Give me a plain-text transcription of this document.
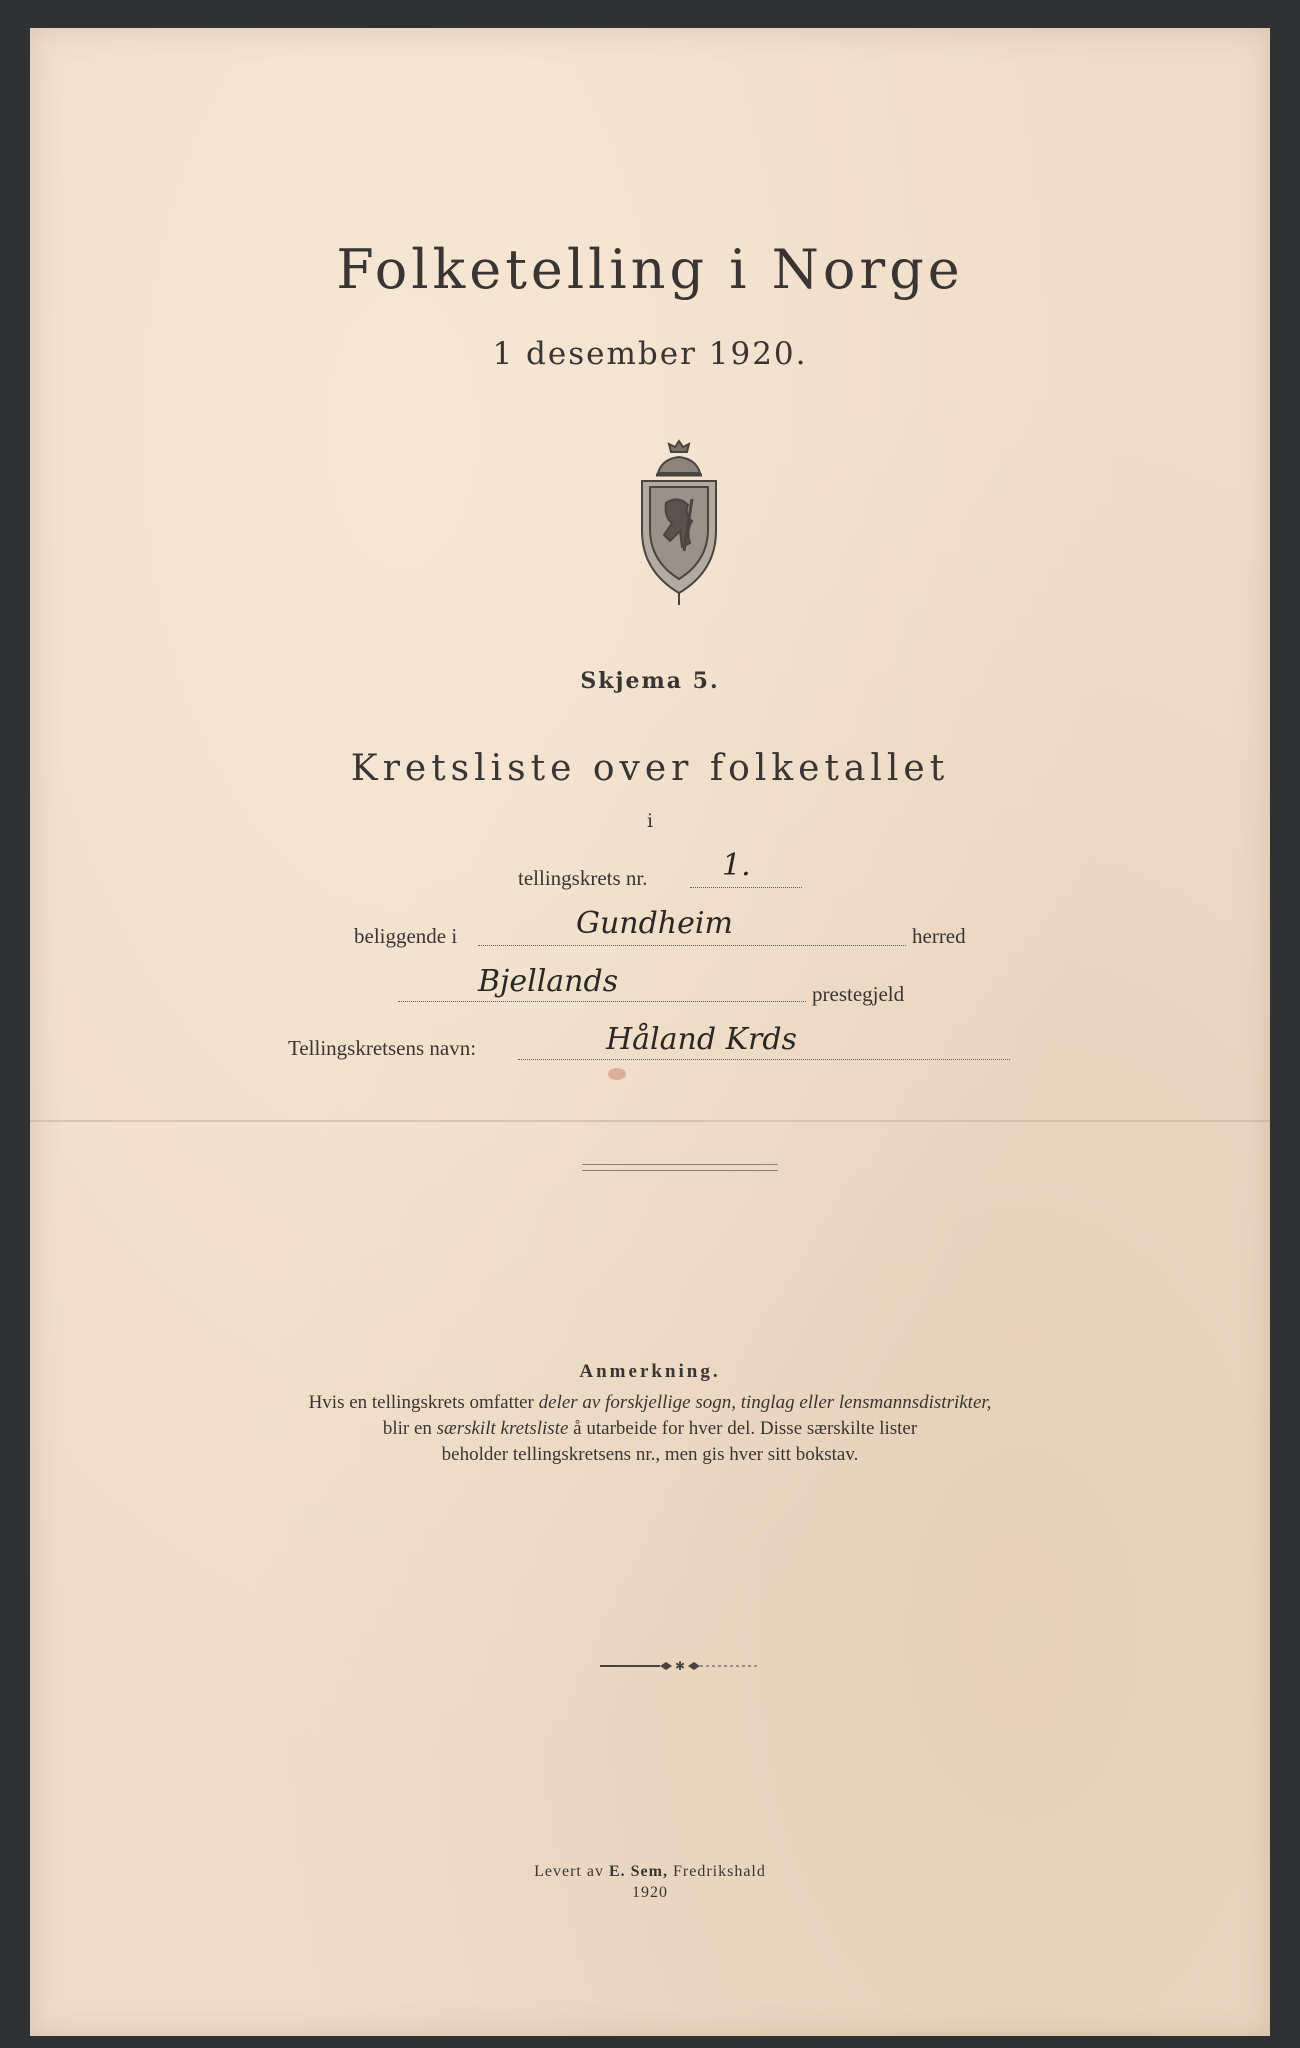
Folketelling i Norge
1 desember 1920.
Skjema 5.
Kretsliste over folketallet
i
tellingskrets nr. 1.
beliggende i	Gundheim	herred
Bjellands	prestegjeld
Tellingskretsens navn:	Håland Krds
Anmerkning.
Hvis en tellingskrets omfatter deler av forskjellige sogn, tinglag eller lensmannsdistrikter,
blir en særskilt kretsliste å utarbeide for hver del. Disse særskilte lister
beholder tellingskretsens nr., men gis hver sitt bokstav.
✱
Levert av E. Sem, Fredrikshald
1920
